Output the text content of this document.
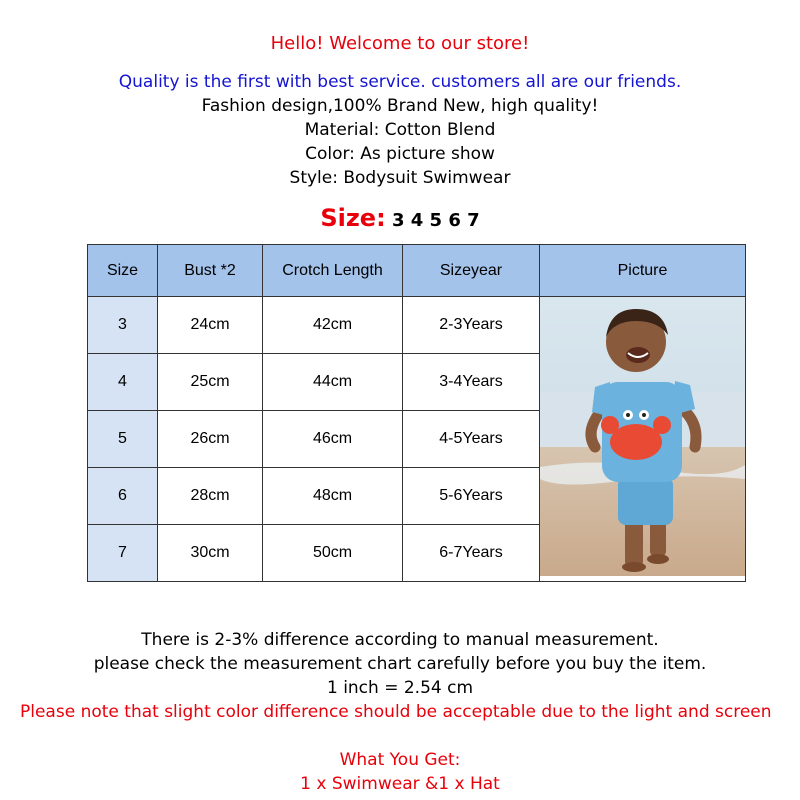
Hello! Welcome to our store!
Quality is the first with best service. customers all are our friends.
Fashion design,100% Brand New, high quality!
Material: Cotton Blend
Color: As picture show
Style: Bodysuit Swimwear
Size: 3 4 5 6 7
Size	Bust *2	Crotch Length	Sizeyear	Picture
3	24cm	42cm	2-3Years	
4	25cm	44cm	3-4Years	
5	26cm	46cm	4-5Years	
6	28cm	48cm	5-6Years	
7	30cm	50cm	6-7Years	
There is 2-3% difference according to manual measurement.
please check the measurement chart carefully before you buy the item.
1 inch = 2.54 cm
Please note that slight color difference should be acceptable due to the light and screen
What You Get:
1 x Swimwear &1 x Hat
